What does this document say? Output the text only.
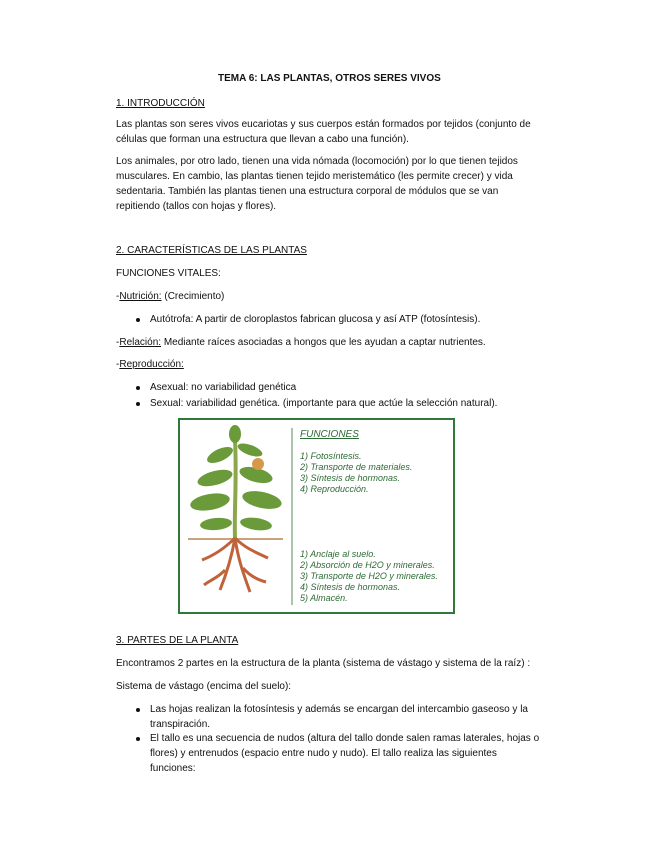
TEMA 6: LAS PLANTAS, OTROS SERES VIVOS
1. INTRODUCCIÓN
Las plantas son seres vivos eucariotas y sus cuerpos están formados por tejidos (conjunto de
células que forman una estructura que llevan a cabo una función).
Los animales, por otro lado, tienen una vida nómada (locomoción) por lo que tienen tejidos
musculares. En cambio, las plantas tienen tejido meristemático (les permite crecer) y vida
sedentaria. También las plantas tienen una estructura corporal de módulos que se van
repitiendo (tallos con hojas y flores).
2. CARACTERÍSTICAS DE LAS PLANTAS
FUNCIONES VITALES:
-Nutrición: (Crecimiento)
Autótrofa: A partir de cloroplastos fabrican glucosa y así ATP (fotosíntesis).
-Relación: Mediante raíces asociadas a hongos que les ayudan a captar nutrientes.
-Reproducción:
Asexual: no variabilidad genética
Sexual: variabilidad genética. (importante para que actúe la selección natural).
FUNCIONES
1) Fotosíntesis.
2) Transporte de materiales.
3) Síntesis de hormonas.
4) Reproducción.
1) Anclaje al suelo.
2) Absorción de H2O y minerales.
3) Transporte de H2O y minerales.
4) Síntesis de hormonas.
5) Almacén.
3. PARTES DE LA PLANTA
Encontramos 2 partes en la estructura de la planta (sistema de vástago y sistema de la raíz) :
Sistema de vástago (encima del suelo):
Las hojas realizan la fotosíntesis y además se encargan del intercambio gaseoso y la
transpiración.
El tallo es una secuencia de nudos (altura del tallo donde salen ramas laterales, hojas o
flores) y entrenudos (espacio entre nudo y nudo). El tallo realiza las siguientes
funciones:
